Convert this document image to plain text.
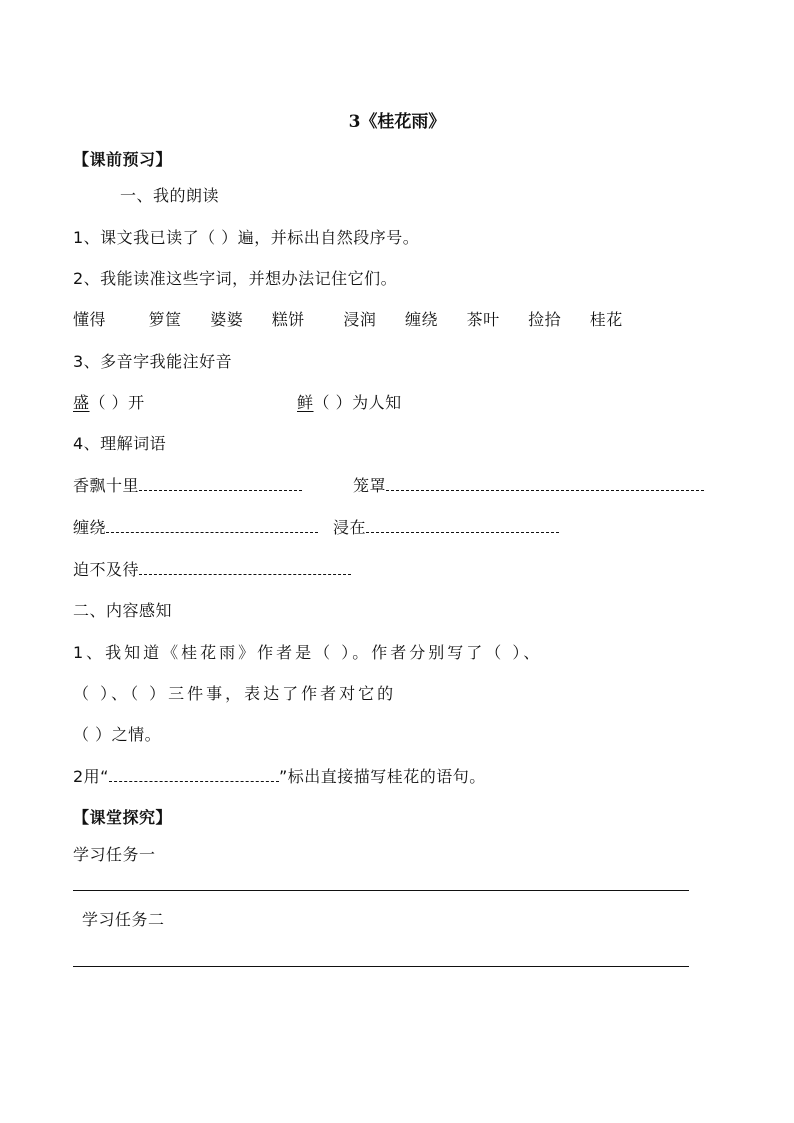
3《桂花雨》
【课前预习】
一、我的朗读
1、课文我已读了（ ）遍，并标出自然段序号。
2、我能读准这些字词，并想办法记住它们。
懂得	箩筐 婆婆 糕饼 浸润 缠绕 茶叶 捡拾 桂花
3、多音字我能注好音
盛（ ）开	鲜（ ）为人知
4、理解词语
香飘十里	笼罩
缠绕	浸在
迫不及待
二、内容感知
1、我知道《桂花雨》作者是（ ）。作者分别写了（ ）、
（ ）、（ ）三件事，表达了作者对它的
（ ）之情。
2用“	”标出直接描写桂花的语句。
【课堂探究】
学习任务一
学习任务二
